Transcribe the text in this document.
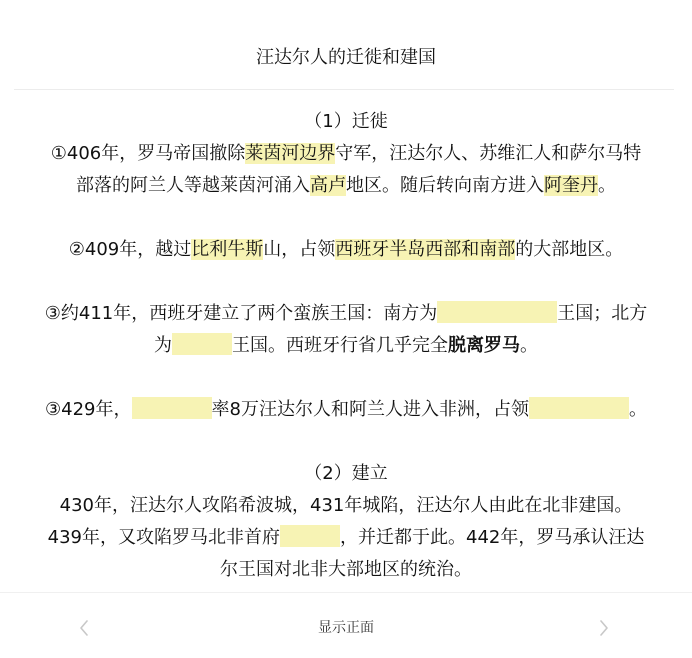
汪达尔人的迁徙和建国
（1）迁徙
①406年，罗马帝国撤除莱茵河边界守军，汪达尔人、苏维汇人和萨尔马特
部落的阿兰人等越莱茵河涌入高卢地区。随后转向南方进入阿奎丹。
②409年，越过比利牛斯山，占领西班牙半岛西部和南部的大部地区。
③约411年，西班牙建立了两个蛮族王国：南方为	王国；北方
为	王国。西班牙行省几乎完全脱离罗马。
③429年，	率8万汪达尔人和阿兰人进入非洲，占领	。
（2）建立
430年，汪达尔人攻陷希波城，431年城陷，汪达尔人由此在北非建国。
439年，又攻陷罗马北非首府	，并迁都于此。442年，罗马承认汪达
尔王国对北非大部地区的统治。
显示正面
